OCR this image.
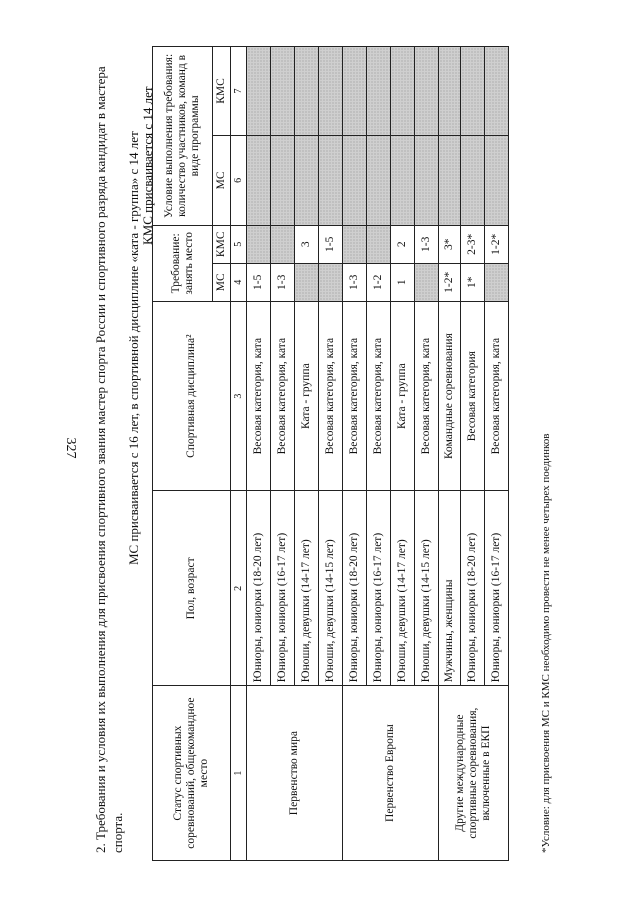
327 2. Требования и условия их выполнения для присвоения спортивного звания мастер спорта России и спортивного разряда кандидат в мастера спорта.
МС присваивается с 16 лет, в спортивной дисциплине «ката - группа» с 14 лет КМС присваивается с 14 лет
Статус спортивных соревнований, общекомандное место	Пол, возраст	Спортивная дисциплина²	Требование: занять место		Условие выполнения требования: количество участников, команд в виде программы	
			МС	КМС	МС	КМС
1	2	3	4	5	6	7
Первенство мира	Юниоры, юниорки (18-20 лет)	Весовая категория, ката	1-5			
	Юниоры, юниорки (16-17 лет)	Весовая категория, ката	1-3			
	Юноши, девушки (14-17 лет)	Ката - группа		3		
	Юноши, девушки (14-15 лет)	Весовая категория, ката		1-5		
Первенство Европы	Юниоры, юниорки (18-20 лет)	Весовая категория, ката	1-3			
	Юниоры, юниорки (16-17 лет)	Весовая категория, ката	1-2			
	Юноши, девушки (14-17 лет)	Ката - группа	1	2		
	Юноши, девушки (14-15 лет)	Весовая категория, ката		1-3		
Другие международные спортивные соревнования, включенные в ЕКП	Мужчины, женщины	Командные соревнования	1-2*	3*		
	Юниоры, юниорки (18-20 лет)	Весовая категория	1*	2-3*		
	Юниоры, юниорки (16-17 лет)	Весовая категория, ката		1-2*		
*Условие: для присвоения МС и КМС необходимо провести не менее четырех поединков
